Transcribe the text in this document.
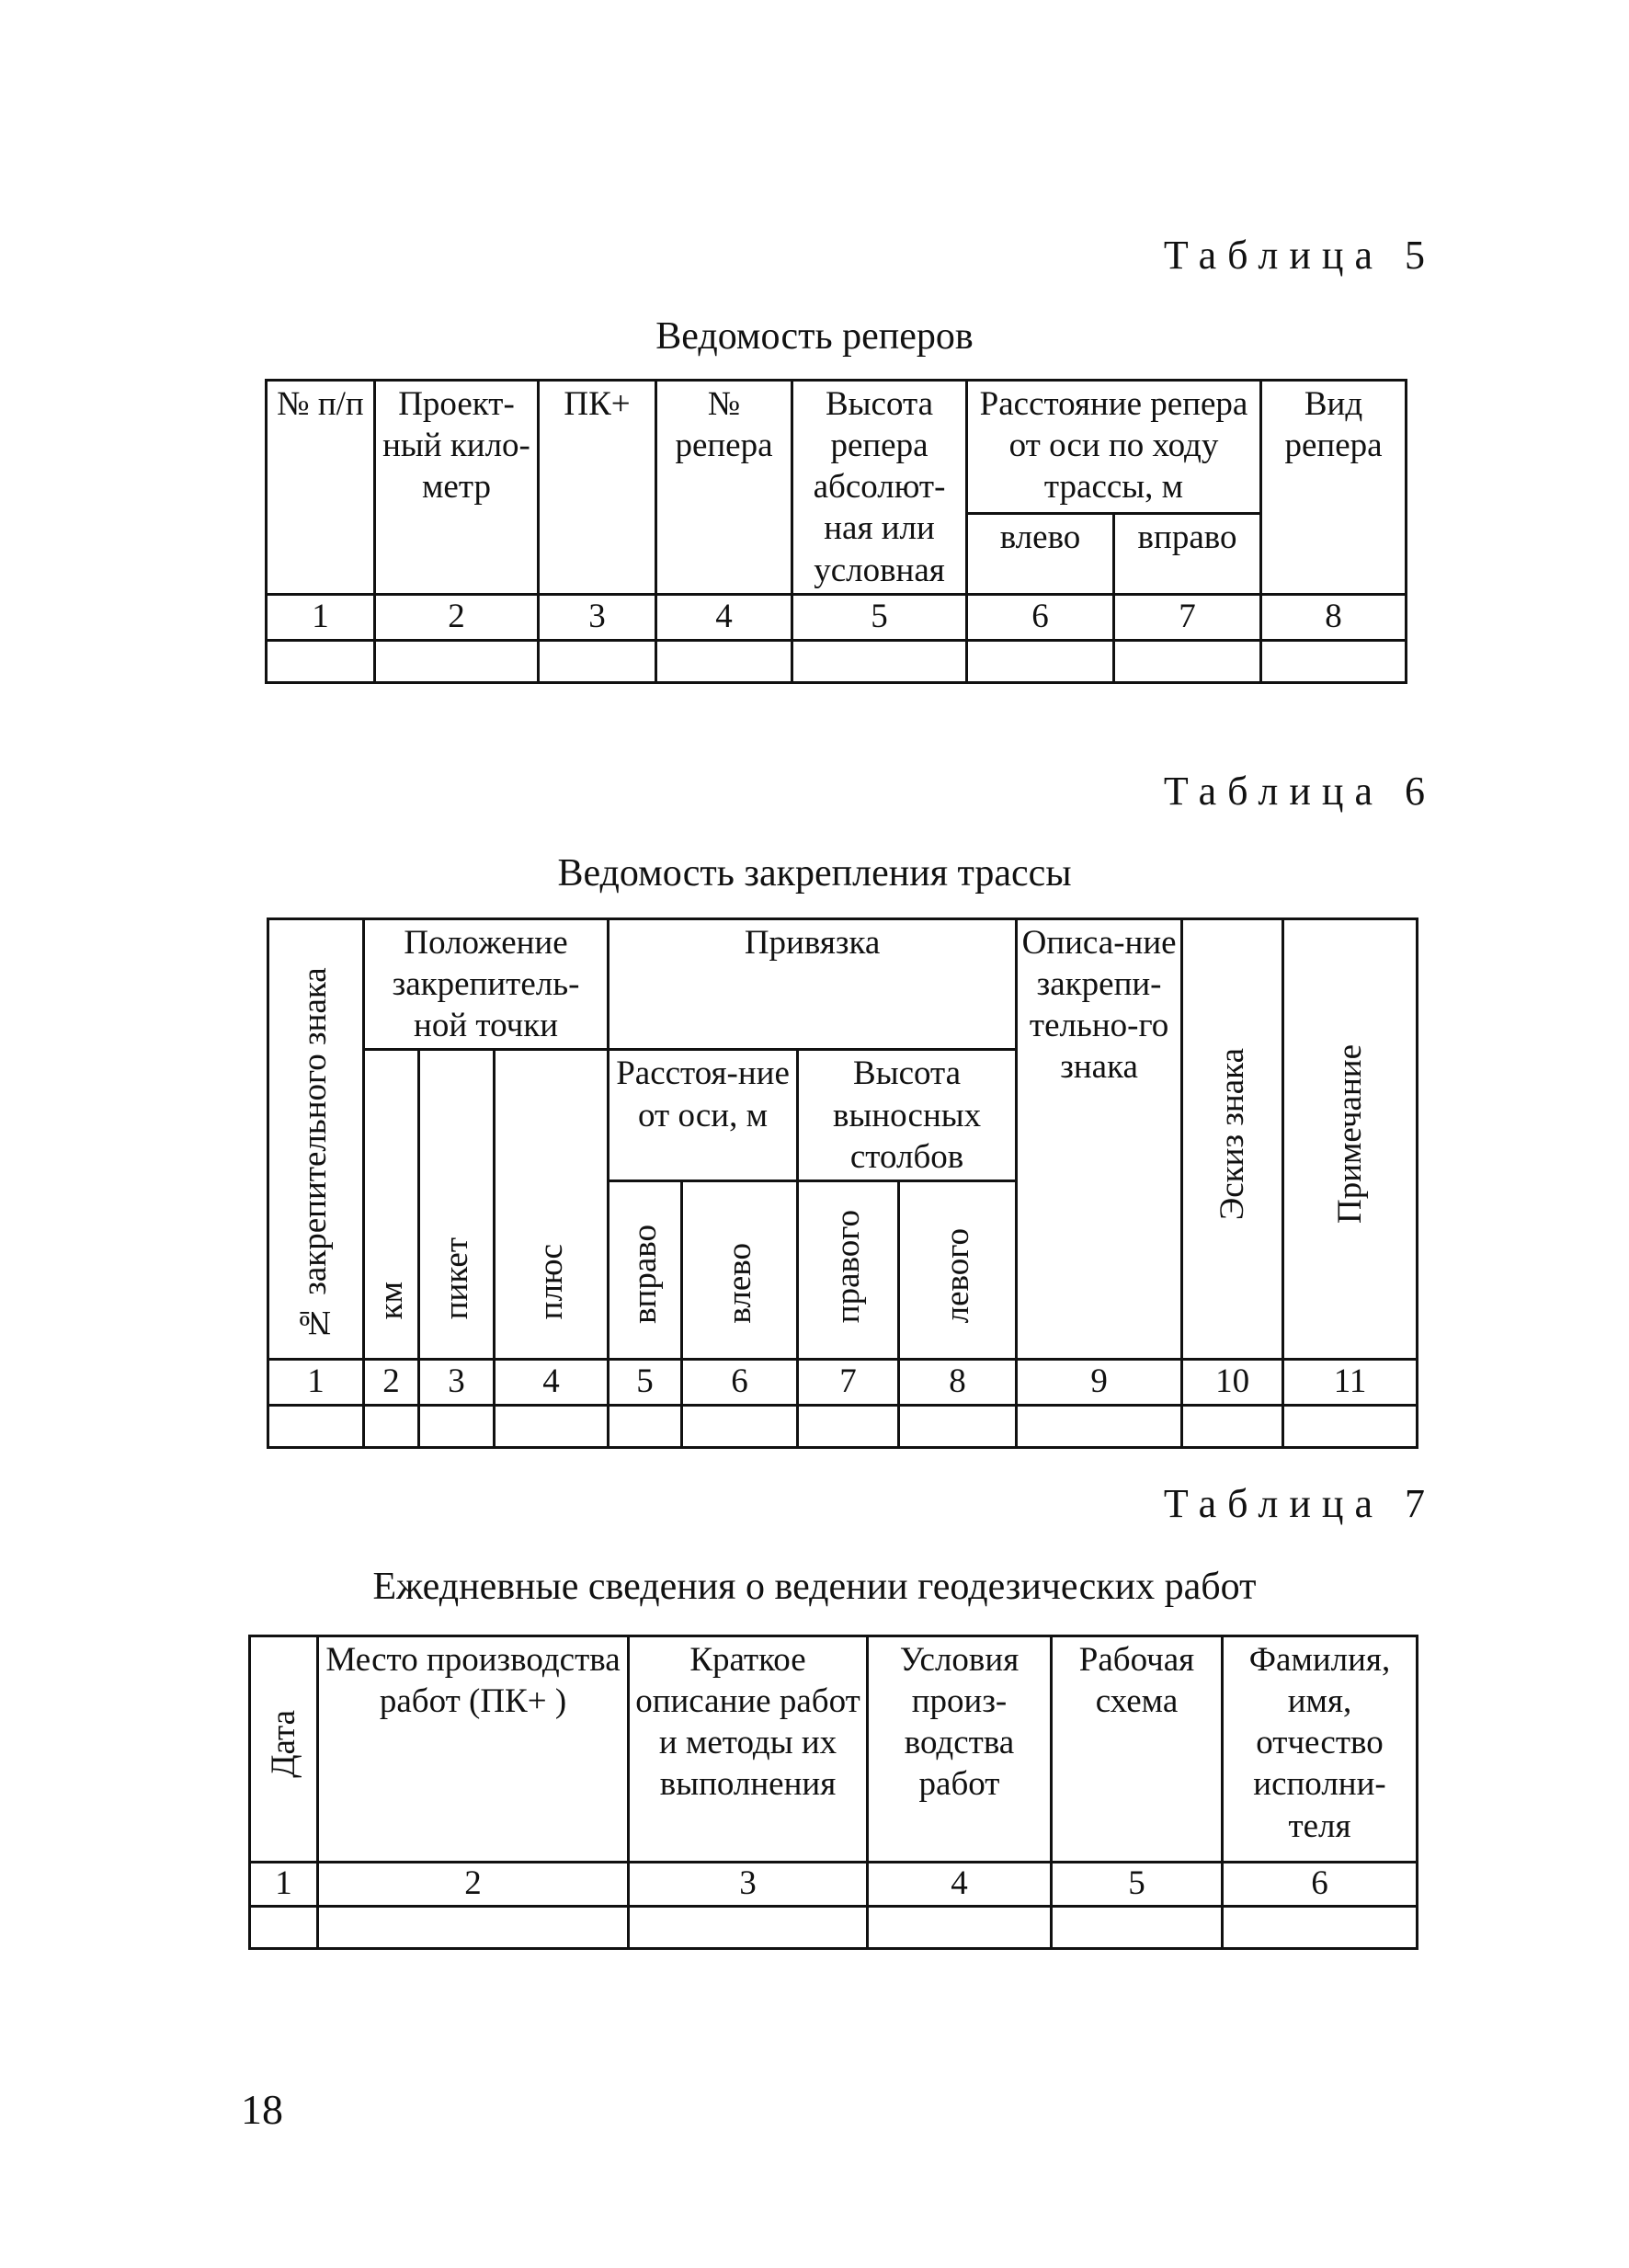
Таблица 5
Ведомость реперов
№ п/п	Проект-ный кило-метр	ПК+	№ репера	Высота репера абсолют-ная или условная	Расстояние репера от оси по ходу трассы, м		Вид репера
					влево	вправо	
1	2	3	4	5	6	7	8

Таблица 6
Ведомость закрепления трассы
№ закрепительного знака	Положение закрепитель-ной точки			Привязка				Описа-ние закрепи-тельно-го знака	Эскиз знака	Примечание
	км	пикет	плюс	Расстоя-ние от оси, м		Высота выносных столбов				
				вправо	влево	правого	левого			
1	2	3	4	5	6	7	8	9	10	11

Таблица 7
Ежедневные сведения о ведении геодезических работ
Дата	Место производства работ (ПК+ )	Краткое описание работ и методы их выполнения	Условия произ-водства работ	Рабочая схема	Фамилия, имя, отчество исполни-теля
1	2	3	4	5	6

18
